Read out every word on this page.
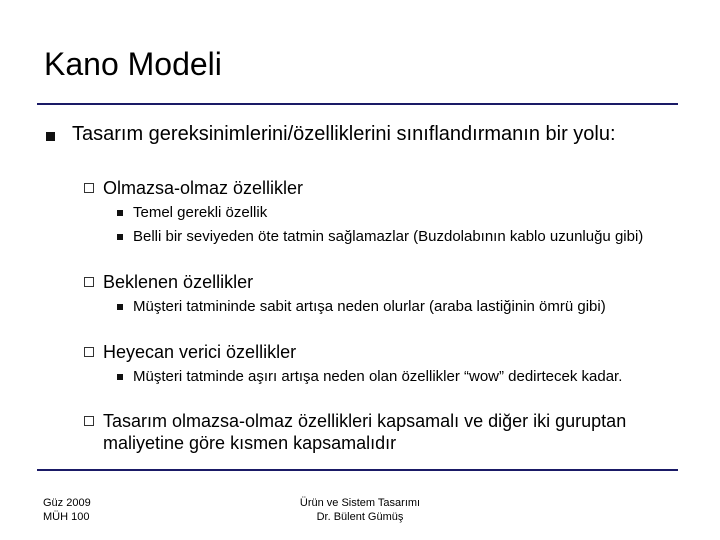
Kano Modeli
Tasarım gereksinimlerini/özelliklerini sınıflandırmanın bir yolu:
Olmazsa-olmaz özellikler
Temel gerekli özellik
Belli bir seviyeden öte tatmin sağlamazlar (Buzdolabının kablo uzunluğu gibi)
Beklenen özellikler
Müşteri tatmininde sabit artışa neden olurlar (araba lastiğinin ömrü gibi)
Heyecan verici özellikler
Müşteri tatminde aşırı artışa neden olan özellikler “wow” dedirtecek kadar.
Tasarım olmazsa-olmaz özellikleri kapsamalı ve diğer iki guruptan maliyetine göre kısmen kapsamalıdır
Güz 2009
MÜH 100
Ürün ve Sistem Tasarımı
Dr. Bülent Gümüş
